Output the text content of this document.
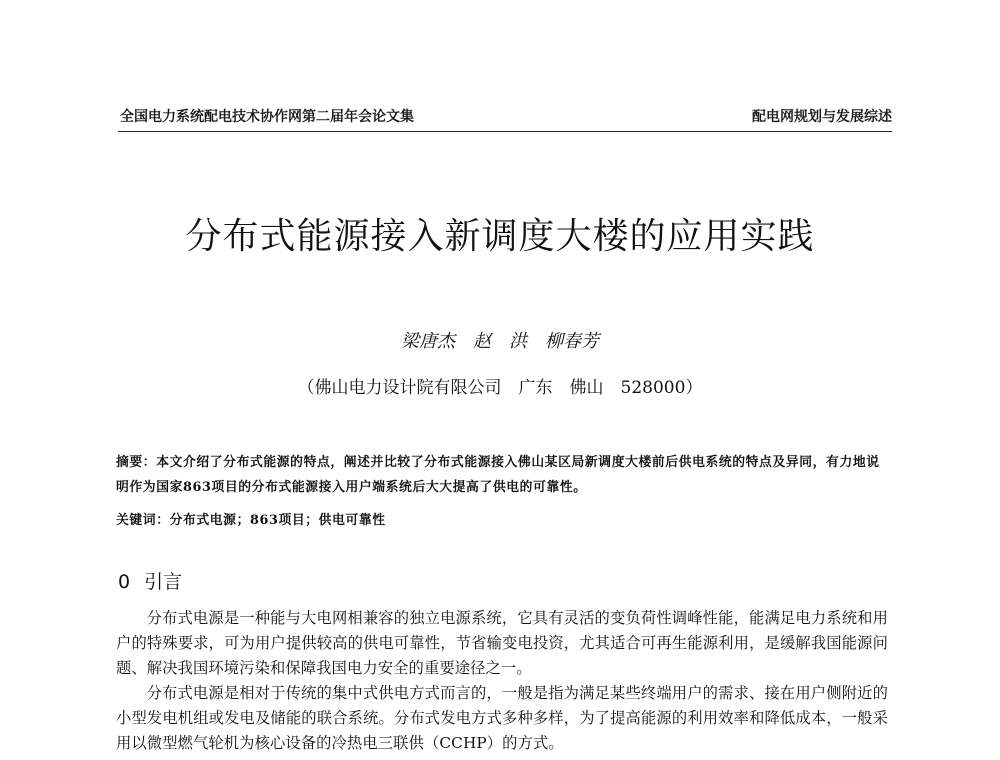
全国电力系统配电技术协作网第二届年会论文集	配电网规划与发展综述
分布式能源接入新调度大楼的应用实践
梁唐杰　赵　洪　柳春芳
（佛山电力设计院有限公司　广东　佛山　528000）
摘要：本文介绍了分布式能源的特点，阐述并比较了分布式能源接入佛山某区局新调度大楼前后供电系统的特点及异同，有力地说明作为国家863项目的分布式能源接入用户端系统后大大提高了供电的可靠性。
关键词：分布式电源；863项目；供电可靠性
0 引言

分布式电源是一种能与大电网相兼容的独立电源系统，它具有灵活的变负荷性调峰性能，能满足电力系统和用户的特殊要求，可为用户提供较高的供电可靠性，节省输变电投资，尤其适合可再生能源利用，是缓解我国能源问题、解决我国环境污染和保障我国电力安全的重要途径之一。

分布式电源是相对于传统的集中式供电方式而言的，一般是指为满足某些终端用户的需求、接在用户侧附近的小型发电机组或发电及储能的联合系统。分布式发电方式多种多样，为了提高能源的利用效率和降低成本，一般采用以微型燃气轮机为核心设备的冷热电三联供（CCHP）的方式。
